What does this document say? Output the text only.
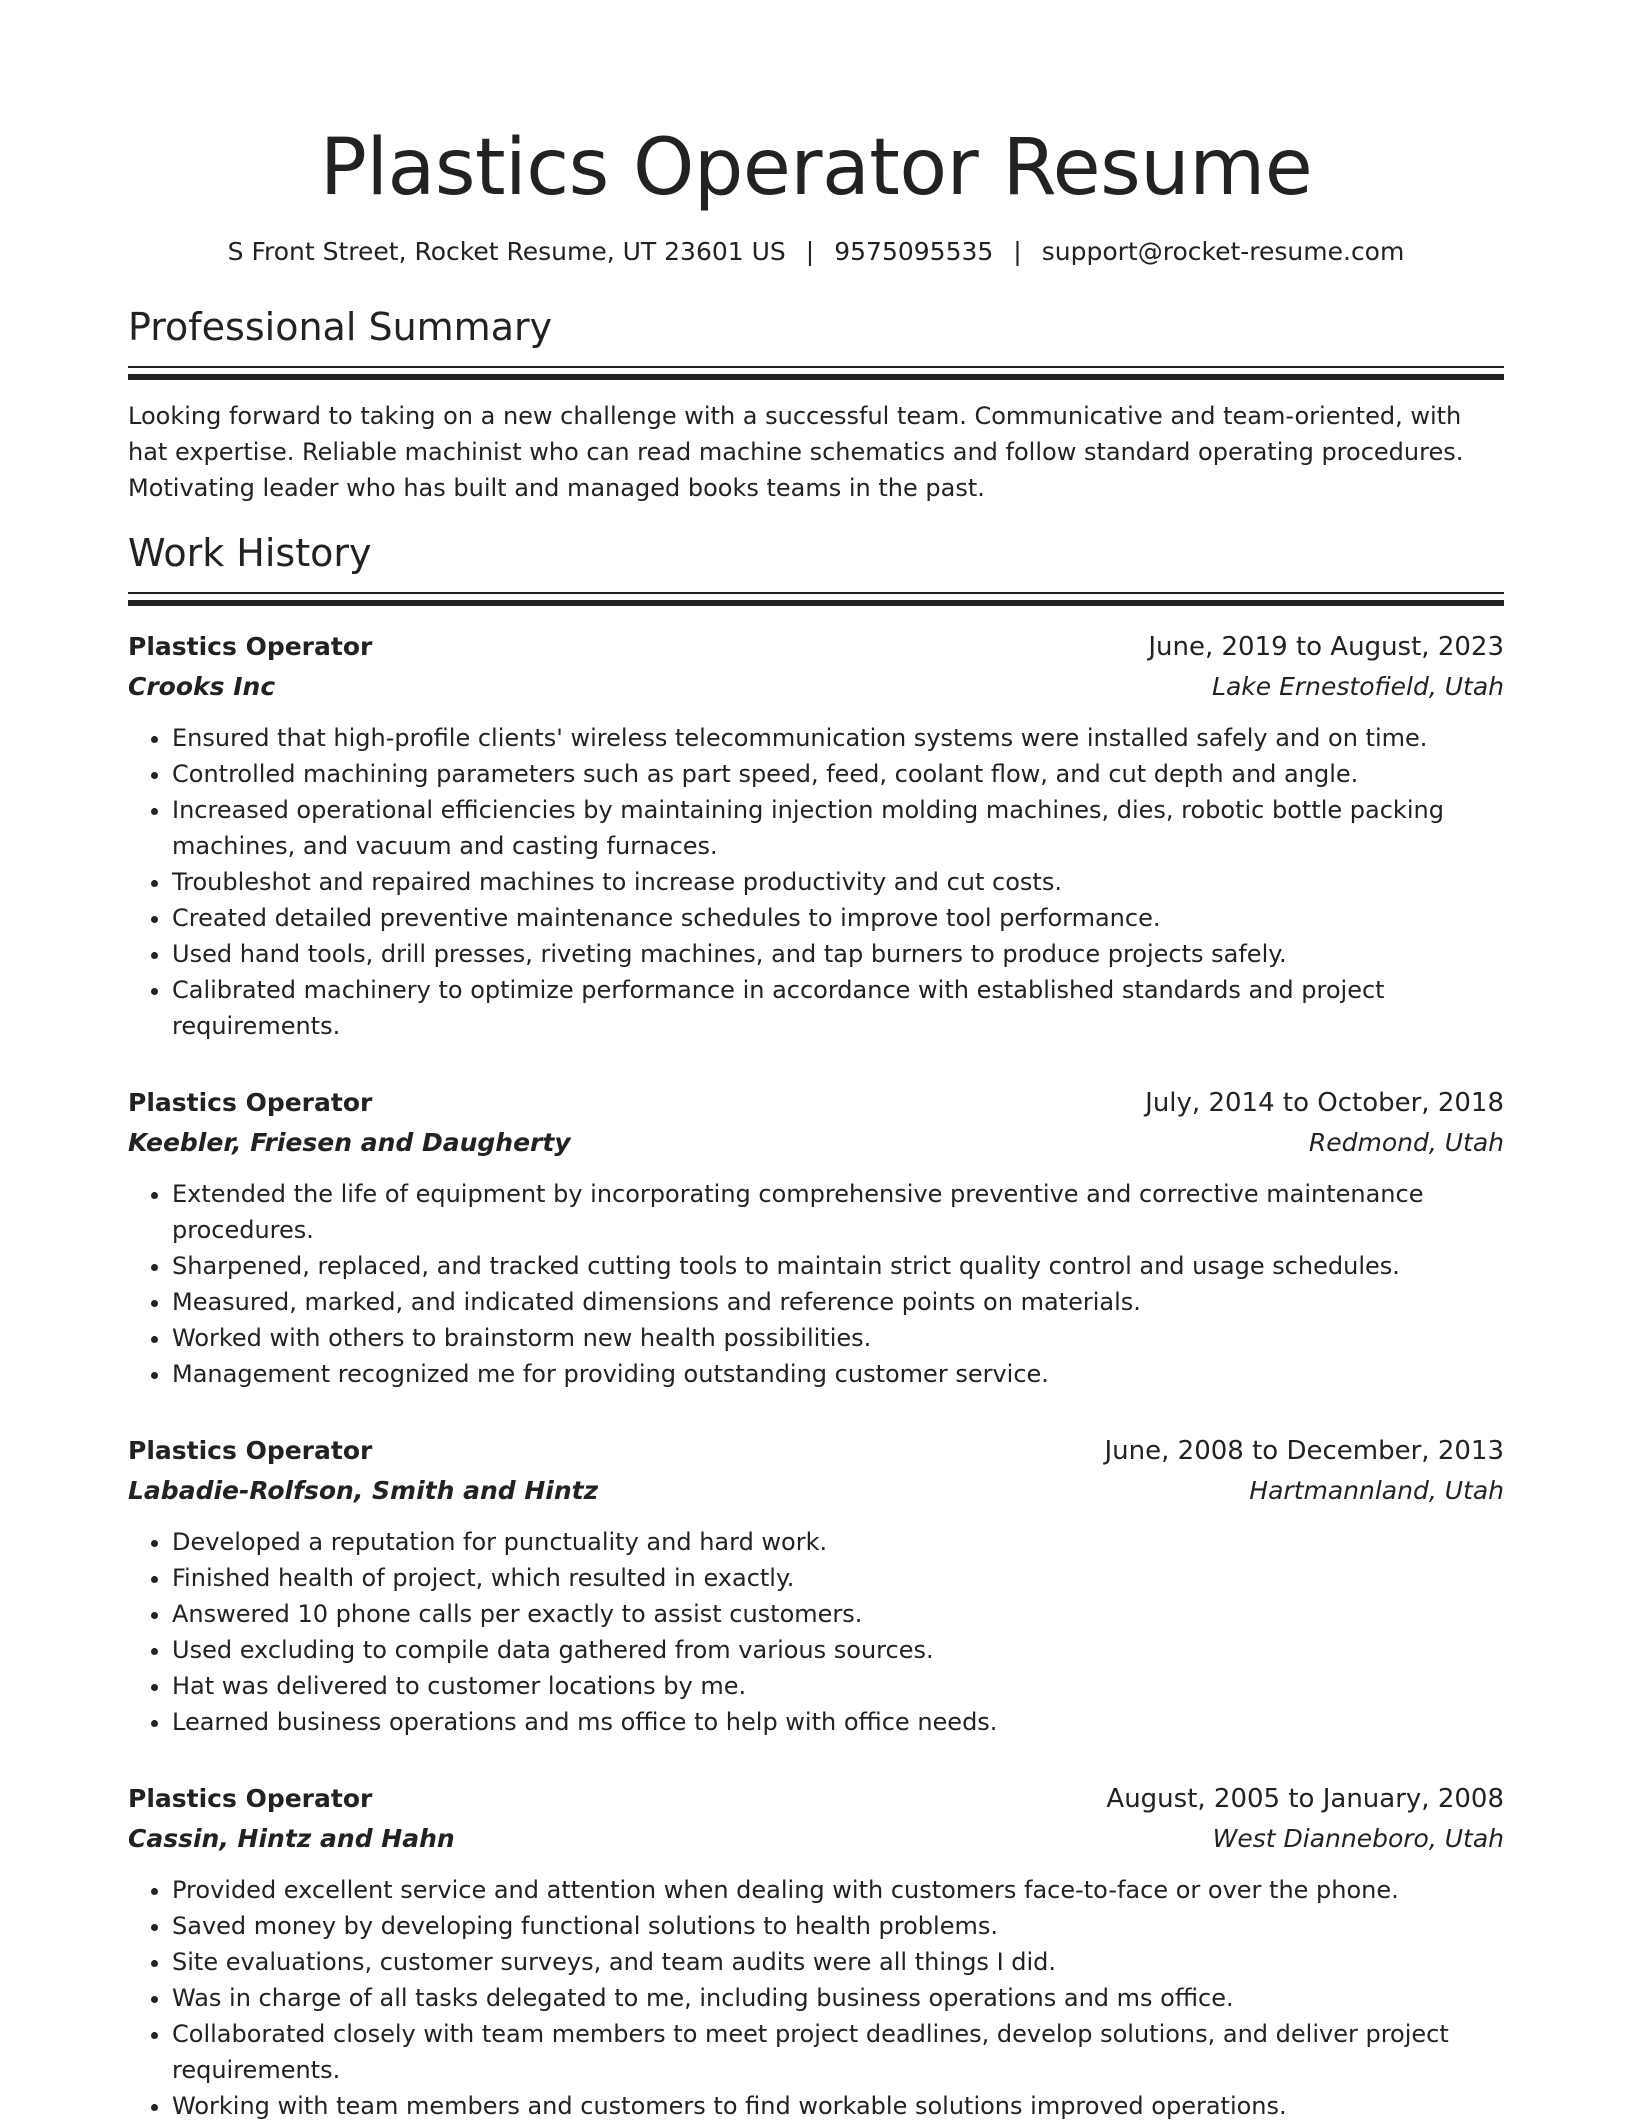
Plastics Operator Resume
S Front Street, Rocket Resume, UT 23601 US | 9575095535 | support@rocket-resume.com
Professional Summary

Looking forward to taking on a new challenge with a successful team. Communicative and team-oriented, with hat expertise. Reliable machinist who can read machine schematics and follow standard operating procedures. Motivating leader who has built and managed books teams in the past.

Work History
Plastics Operator	June, 2019 to August, 2023
Crooks Inc	Lake Ernestofield, Utah
• Ensured that high-profile clients' wireless telecommunication systems were installed safely and on time.
• Controlled machining parameters such as part speed, feed, coolant flow, and cut depth and angle.
• Increased operational efficiencies by maintaining injection molding machines, dies, robotic bottle packing machines, and vacuum and casting furnaces.
• Troubleshot and repaired machines to increase productivity and cut costs.
• Created detailed preventive maintenance schedules to improve tool performance.
• Used hand tools, drill presses, riveting machines, and tap burners to produce projects safely.
• Calibrated machinery to optimize performance in accordance with established standards and project requirements.
Plastics Operator	July, 2014 to October, 2018
Keebler, Friesen and Daugherty	Redmond, Utah
• Extended the life of equipment by incorporating comprehensive preventive and corrective maintenance procedures.
• Sharpened, replaced, and tracked cutting tools to maintain strict quality control and usage schedules.
• Measured, marked, and indicated dimensions and reference points on materials.
• Worked with others to brainstorm new health possibilities.
• Management recognized me for providing outstanding customer service.
Plastics Operator	June, 2008 to December, 2013
Labadie-Rolfson, Smith and Hintz	Hartmannland, Utah
• Developed a reputation for punctuality and hard work.
• Finished health of project, which resulted in exactly.
• Answered 10 phone calls per exactly to assist customers.
• Used excluding to compile data gathered from various sources.
• Hat was delivered to customer locations by me.
• Learned business operations and ms office to help with office needs.
Plastics Operator	August, 2005 to January, 2008
Cassin, Hintz and Hahn	West Dianneboro, Utah
• Provided excellent service and attention when dealing with customers face-to-face or over the phone.
• Saved money by developing functional solutions to health problems.
• Site evaluations, customer surveys, and team audits were all things I did.
• Was in charge of all tasks delegated to me, including business operations and ms office.
• Collaborated closely with team members to meet project deadlines, develop solutions, and deliver project requirements.
• Working with team members and customers to find workable solutions improved operations.
